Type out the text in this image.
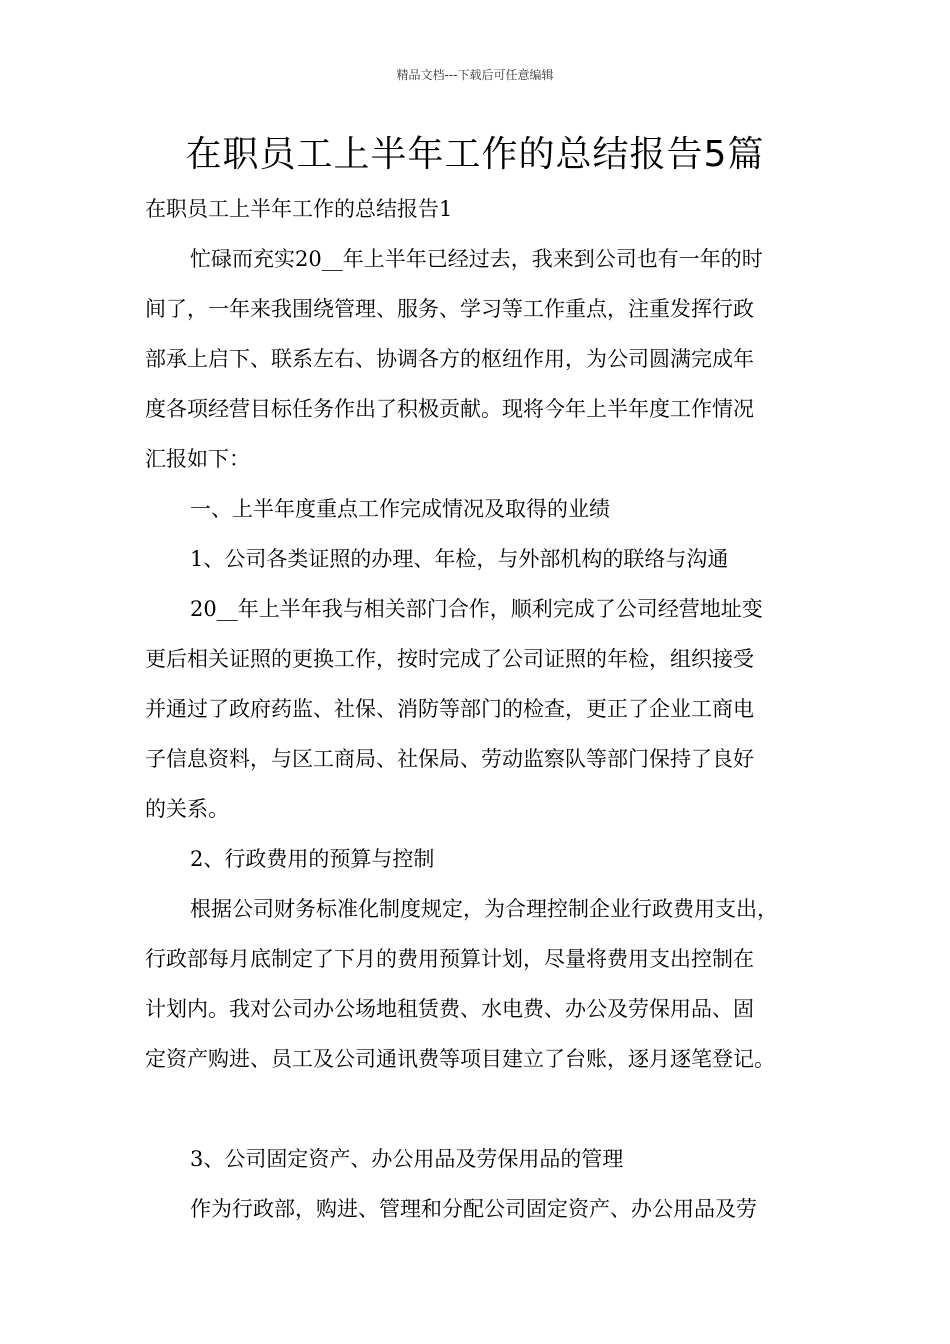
精品文档---下载后可任意编辑
在职员工上半年工作的总结报告5篇
在职员工上半年工作的总结报告1
忙碌而充实20__年上半年已经过去，我来到公司也有一年的时
间了，一年来我围绕管理、服务、学习等工作重点，注重发挥行政
部承上启下、联系左右、协调各方的枢纽作用，为公司圆满完成年
度各项经营目标任务作出了积极贡献。现将今年上半年度工作情况
汇报如下：
一、上半年度重点工作完成情况及取得的业绩
1、公司各类证照的办理、年检，与外部机构的联络与沟通
20__年上半年我与相关部门合作，顺利完成了公司经营地址变
更后相关证照的更换工作，按时完成了公司证照的年检，组织接受
并通过了政府药监、社保、消防等部门的检查，更正了企业工商电
子信息资料，与区工商局、社保局、劳动监察队等部门保持了良好
的关系。
2、行政费用的预算与控制
根据公司财务标准化制度规定，为合理控制企业行政费用支出，
行政部每月底制定了下月的费用预算计划，尽量将费用支出控制在
计划内。我对公司办公场地租赁费、水电费、办公及劳保用品、固
定资产购进、员工及公司通讯费等项目建立了台账，逐月逐笔登记。
3、公司固定资产、办公用品及劳保用品的管理
作为行政部，购进、管理和分配公司固定资产、办公用品及劳
